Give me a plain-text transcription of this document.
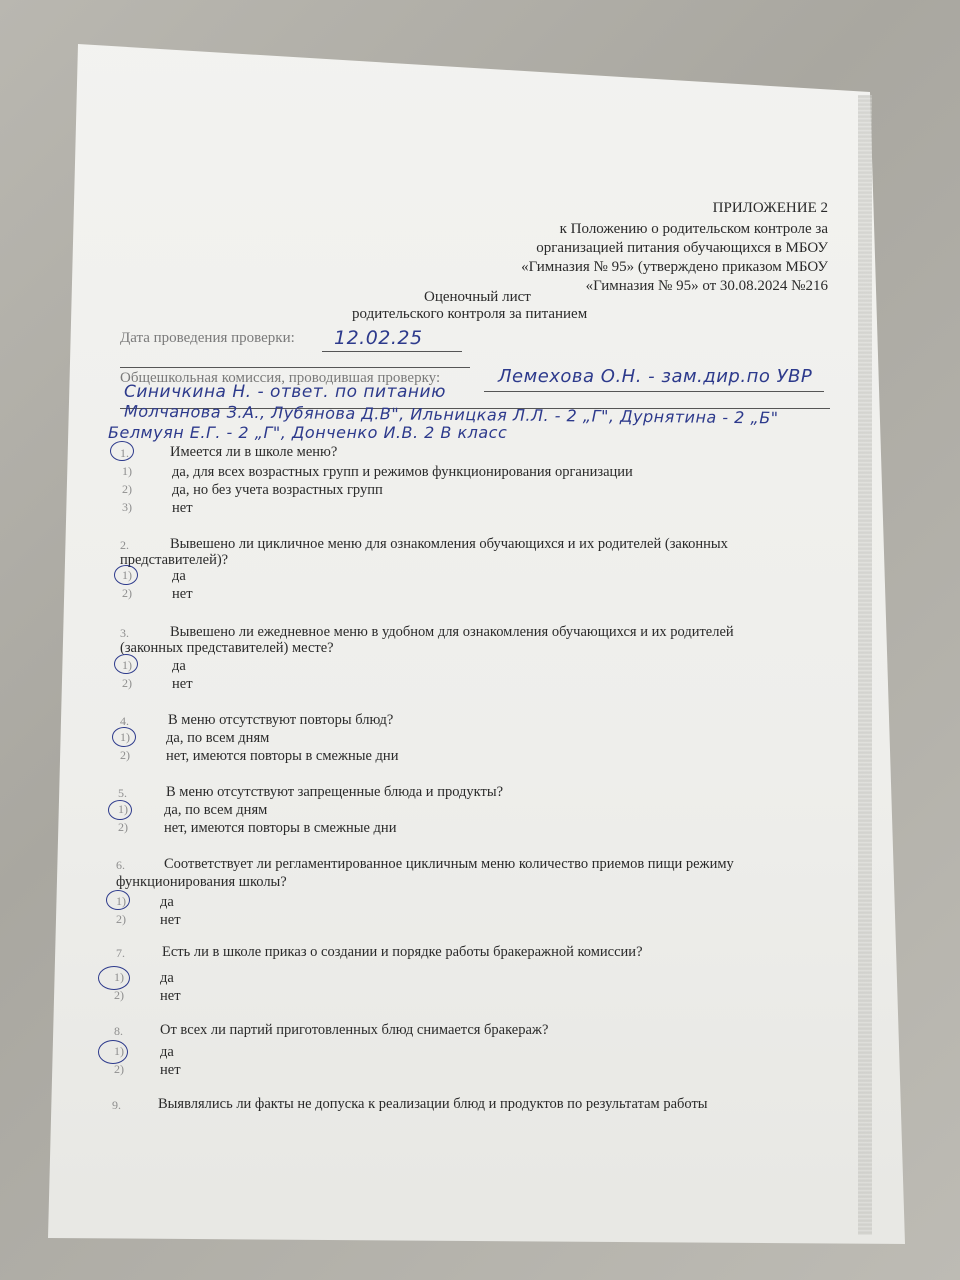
ПРИЛОЖЕНИЕ 2
к Положению о родительском контроле за
организацией питания обучающихся в МБОУ
«Гимназия № 95» (утверждено приказом МБОУ
«Гимназия № 95» от 30.08.2024 №216
Оценочный лист
родительского контроля за питанием
Дата проведения проверки: 12.02.25
Общешкольная комиссия, проводившая проверку:	Лемехова О.Н. - зам.дир.по УВР
Синичкина Н. - ответ. по питанию
Молчанова З.А., Лубянова Д.В", Ильницкая Л.Л. - 2 „Г", Дурнятина - 2 „Б"
Белмуян Е.Г. - 2 „Г", Донченко И.В. 2 В класс
1.	Имеется ли в школе меню?
1)	да, для всех возрастных групп и режимов функционирования организации
2)	да, но без учета возрастных групп
3)	нет
2.	Вывешено ли цикличное меню для ознакомления обучающихся и их родителей (законных
представителей)?
1)	да
2)	нет
3.	Вывешено ли ежедневное меню в удобном для ознакомления обучающихся и их родителей
(законных представителей) месте?
1)	да
2)	нет
4.	В меню отсутствуют повторы блюд?
1) да, по всем дням
2) нет, имеются повторы в смежные дни
5.	В меню отсутствуют запрещенные блюда и продукты?
1) да, по всем дням
2) нет, имеются повторы в смежные дни
6.	Соответствует ли регламентированное цикличным меню количество приемов пищи режиму
функционирования школы?
1) да
2) нет
7.	Есть ли в школе приказ о создании и порядке работы бракеражной комиссии?
1) да
2) нет
8.	От всех ли партий приготовленных блюд снимается бракераж?
1) да
2) нет
9.	Выявлялись ли факты не допуска к реализации блюд и продуктов по результатам работы
